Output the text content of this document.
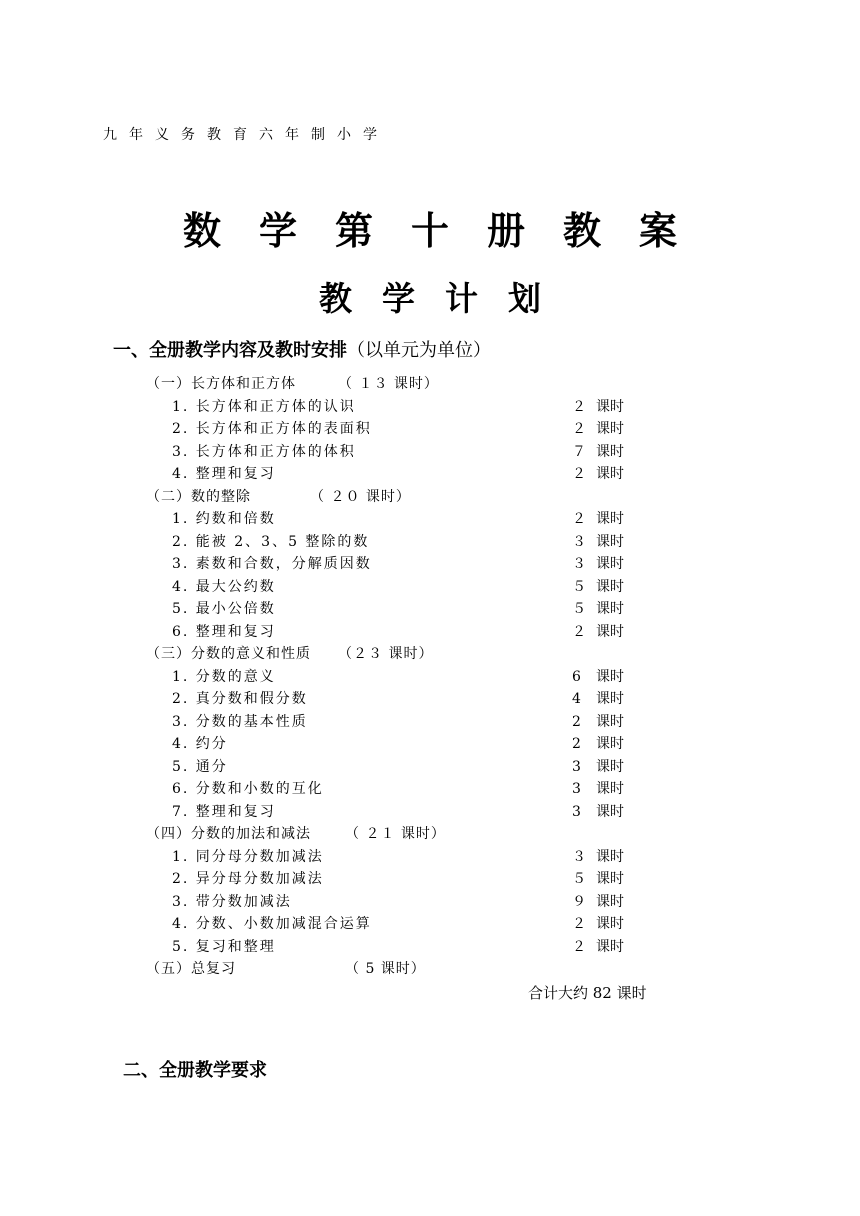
九年义务教育六年制小学
数学第十册教案
教学计划
一、全册教学内容及教时安排（以单元为单位）
（一）长方体和正方体	（ １３ 课时）
1. 长方体和正方体的认识	２ 课时
2. 长方体和正方体的表面积	２ 课时
3. 长方体和正方体的体积	７ 课时
4. 整理和复习	２ 课时
（二）数的整除	（ ２０ 课时）
1. 约数和倍数	２ 课时
2. 能被 2、3、5 整除的数	３ 课时
3. 素数和合数，分解质因数	３ 课时
4. 最大公约数	５ 课时
5. 最小公倍数	５ 课时
6. 整理和复习	２ 课时
（三）分数的意义和性质 （２３ 课时）
1. 分数的意义	6 课时
2. 真分数和假分数	4 课时
3. 分数的基本性质	2 课时
4. 约分	2 课时
5. 通分	3 课时
6. 分数和小数的互化	3 课时
7. 整理和复习	3 课时
（四）分数的加法和减法 （ ２１ 课时）
1. 同分母分数加减法	３ 课时
2. 异分母分数加减法	５ 课时
3. 带分数加减法	９ 课时
4. 分数、小数加减混合运算	２ 课时
5. 复习和整理	２ 课时
（五）总复习	（ 5 课时）
合计大约 82 课时
二、全册教学要求
